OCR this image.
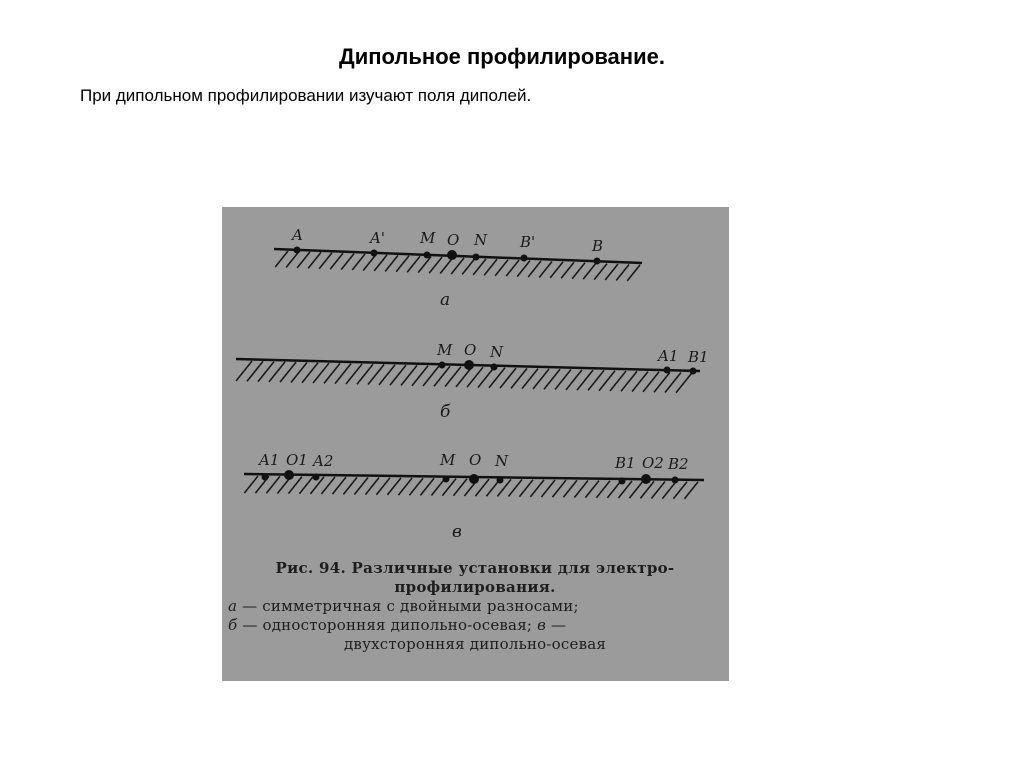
Дипольное профилирование.
При дипольном профилировании изучают поля диполей.
A	A' M O N B'	B
а
M O N	A1 B1
б
A1 O1 A2	M O N	B1 O2 B2
в
Рис. 94. Различные установки для электро-
профилирования.
а — симметричная с двойными разносами;
б — односторонняя дипольно-осевая; в —
двухсторонняя дипольно-осевая
